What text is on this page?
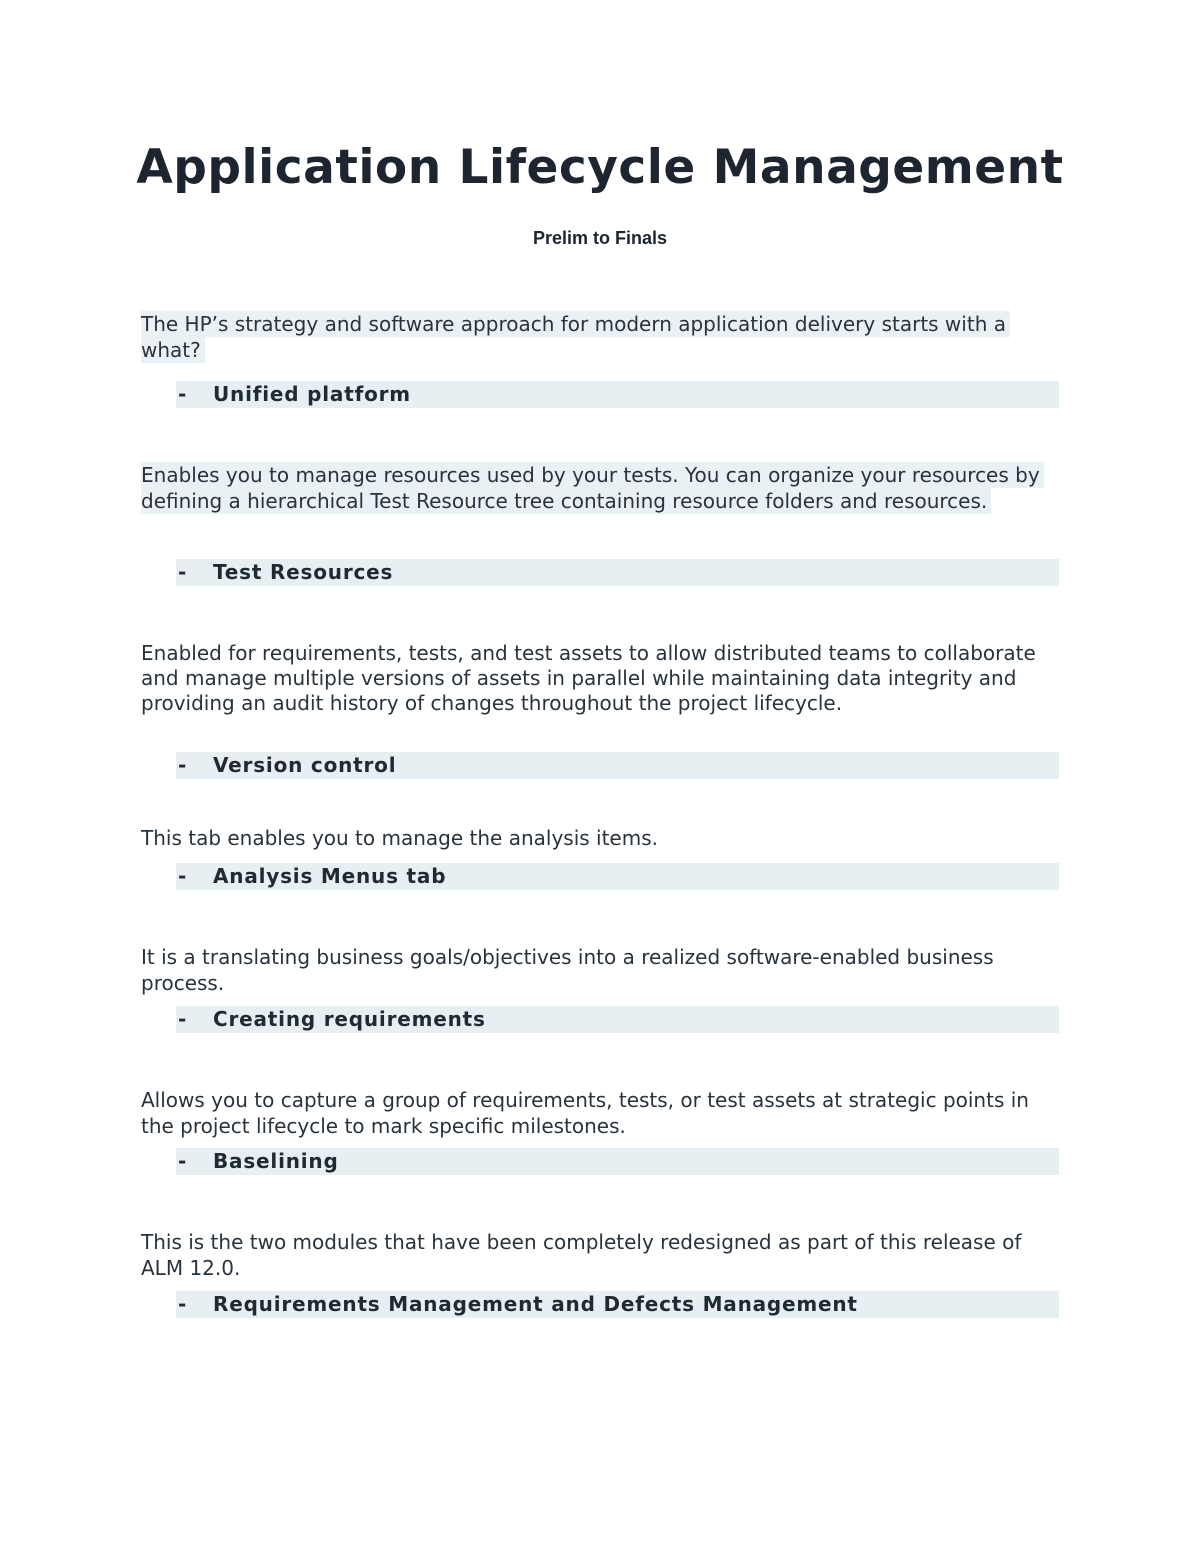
Application Lifecycle Management
Prelim to Finals

The HP’s strategy and software approach for modern application delivery starts with a what?

- Unified platform

Enables you to manage resources used by your tests. You can organize your resources by defining a hierarchical Test Resource tree containing resource folders and resources.

- Test Resources

Enabled for requirements, tests, and test assets to allow distributed teams to collaborate and manage multiple versions of assets in parallel while maintaining data integrity and providing an audit history of changes throughout the project lifecycle.

- Version control

This tab enables you to manage the analysis items.

- Analysis Menus tab

It is a translating business goals/objectives into a realized software-enabled business process.

- Creating requirements

Allows you to capture a group of requirements, tests, or test assets at strategic points in the project lifecycle to mark specific milestones.

- Baselining

This is the two modules that have been completely redesigned as part of this release of ALM 12.0.

- Requirements Management and Defects Management
